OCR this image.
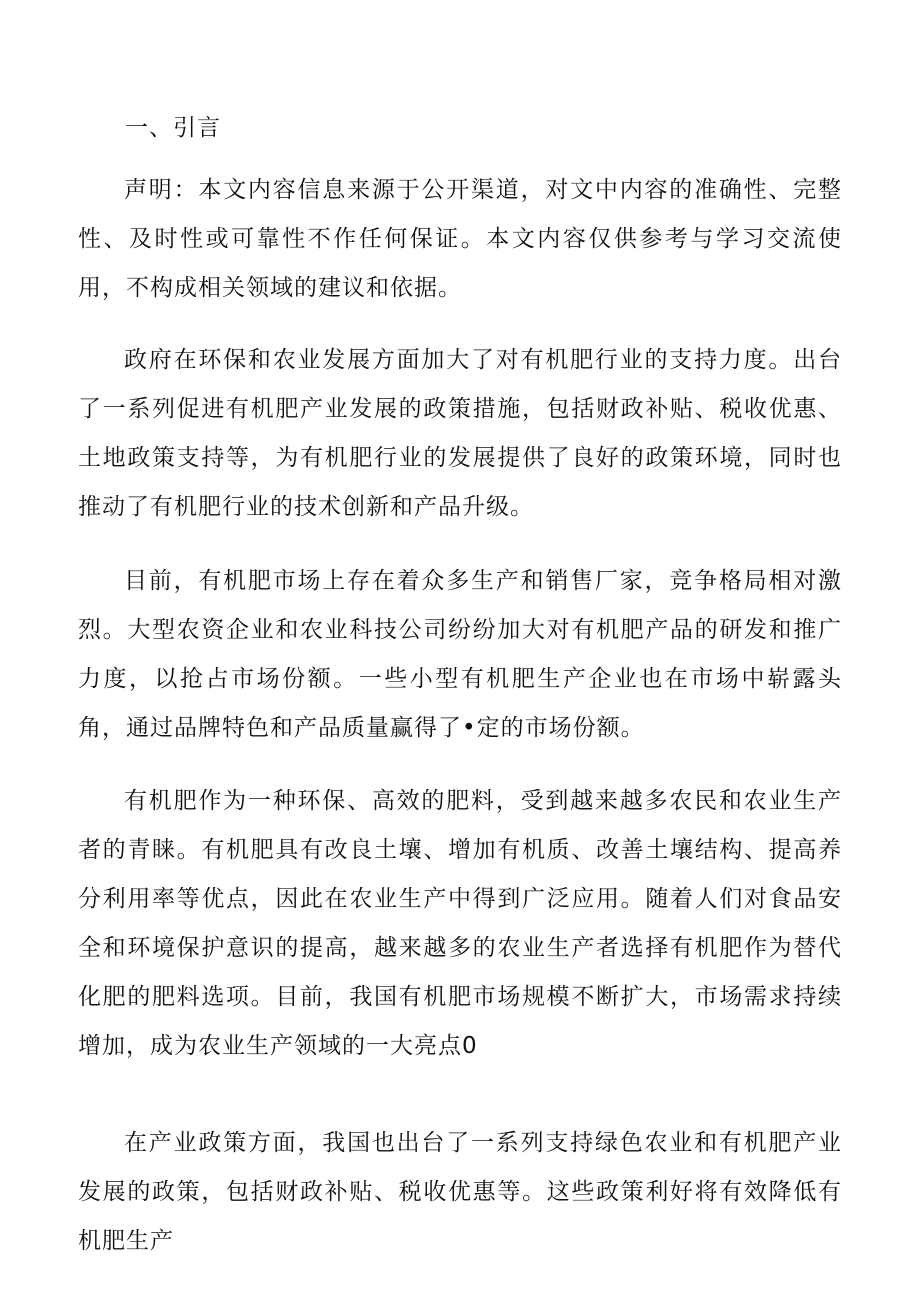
一、引言

声明：本文内容信息来源于公开渠道，对文中内容的准确性、完整性、及时性或可靠性不作任何保证。本文内容仅供参考与学习交流使用，不构成相关领域的建议和依据。

政府在环保和农业发展方面加大了对有机肥行业的支持力度。出台了一系列促进有机肥产业发展的政策措施，包括财政补贴、税收优惠、土地政策支持等，为有机肥行业的发展提供了良好的政策环境，同时也推动了有机肥行业的技术创新和产品升级。

目前，有机肥市场上存在着众多生产和销售厂家，竞争格局相对激烈。大型农资企业和农业科技公司纷纷加大对有机肥产品的研发和推广力度，以抢占市场份额。一些小型有机肥生产企业也在市场中崭露头角，通过品牌特色和产品质量赢得了•定的市场份额。

有机肥作为一种环保、高效的肥料，受到越来越多农民和农业生产者的青睐。有机肥具有改良土壤、增加有机质、改善土壤结构、提高养分利用率等优点，因此在农业生产中得到广泛应用。随着人们对食品安全和环境保护意识的提高，越来越多的农业生产者选择有机肥作为替代化肥的肥料选项。目前，我国有机肥市场规模不断扩大，市场需求持续增加，成为农业生产领域的一大亮点0

在产业政策方面，我国也出台了一系列支持绿色农业和有机肥产业发展的政策，包括财政补贴、税收优惠等。这些政策利好将有效降低有机肥生产
